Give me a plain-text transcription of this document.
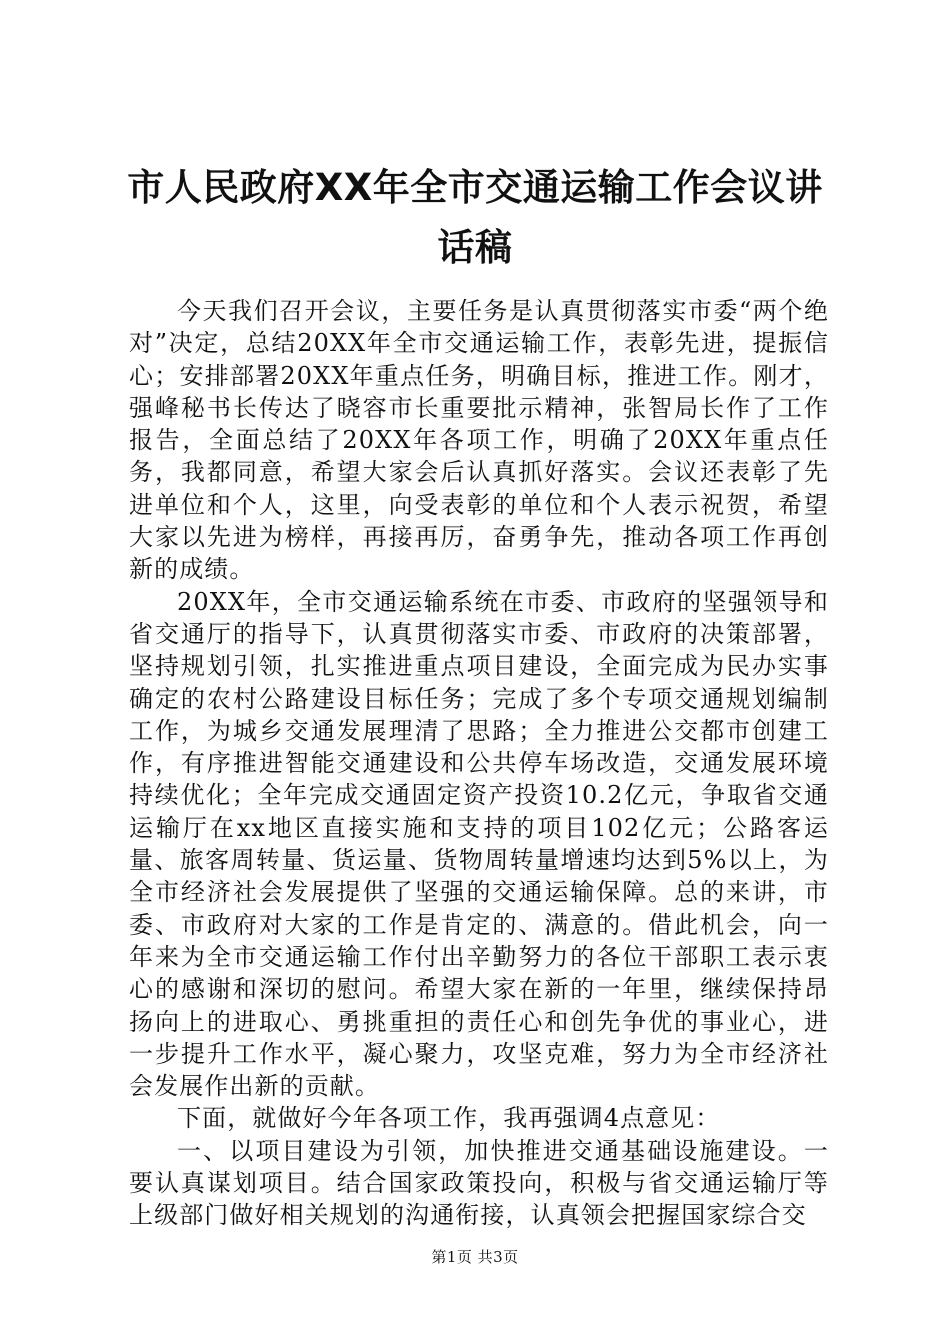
市人民政府XX年全市交通运输工作会议讲话稿

今天我们召开会议，主要任务是认真贯彻落实市委“两个绝对”决定，总结20XX年全市交通运输工作，表彰先进，提振信心；安排部署20XX年重点任务，明确目标，推进工作。刚才，强峰秘书长传达了晓容市长重要批示精神，张智局长作了工作报告，全面总结了20XX年各项工作，明确了20XX年重点任务，我都同意，希望大家会后认真抓好落实。会议还表彰了先进单位和个人，这里，向受表彰的单位和个人表示祝贺，希望大家以先进为榜样，再接再厉，奋勇争先，推动各项工作再创新的成绩。

20XX年，全市交通运输系统在市委、市政府的坚强领导和省交通厅的指导下，认真贯彻落实市委、市政府的决策部署，坚持规划引领，扎实推进重点项目建设，全面完成为民办实事确定的农村公路建设目标任务；完成了多个专项交通规划编制工作，为城乡交通发展理清了思路；全力推进公交都市创建工作，有序推进智能交通建设和公共停车场改造，交通发展环境持续优化；全年完成交通固定资产投资10.2亿元，争取省交通运输厅在xx地区直接实施和支持的项目102亿元；公路客运量、旅客周转量、货运量、货物周转量增速均达到5%以上，为全市经济社会发展提供了坚强的交通运输保障。总的来讲，市委、市政府对大家的工作是肯定的、满意的。借此机会，向一年来为全市交通运输工作付出辛勤努力的各位干部职工表示衷心的感谢和深切的慰问。希望大家在新的一年里，继续保持昂扬向上的进取心、勇挑重担的责任心和创先争优的事业心，进一步提升工作水平，凝心聚力，攻坚克难，努力为全市经济社会发展作出新的贡献。

下面，就做好今年各项工作，我再强调4点意见：

一、以项目建设为引领，加快推进交通基础设施建设。一要认真谋划项目。结合国家政策投向，积极与省交通运输厅等上级部门做好相关规划的沟通衔接，认真领会把握国家综合交

第1页 共3页
